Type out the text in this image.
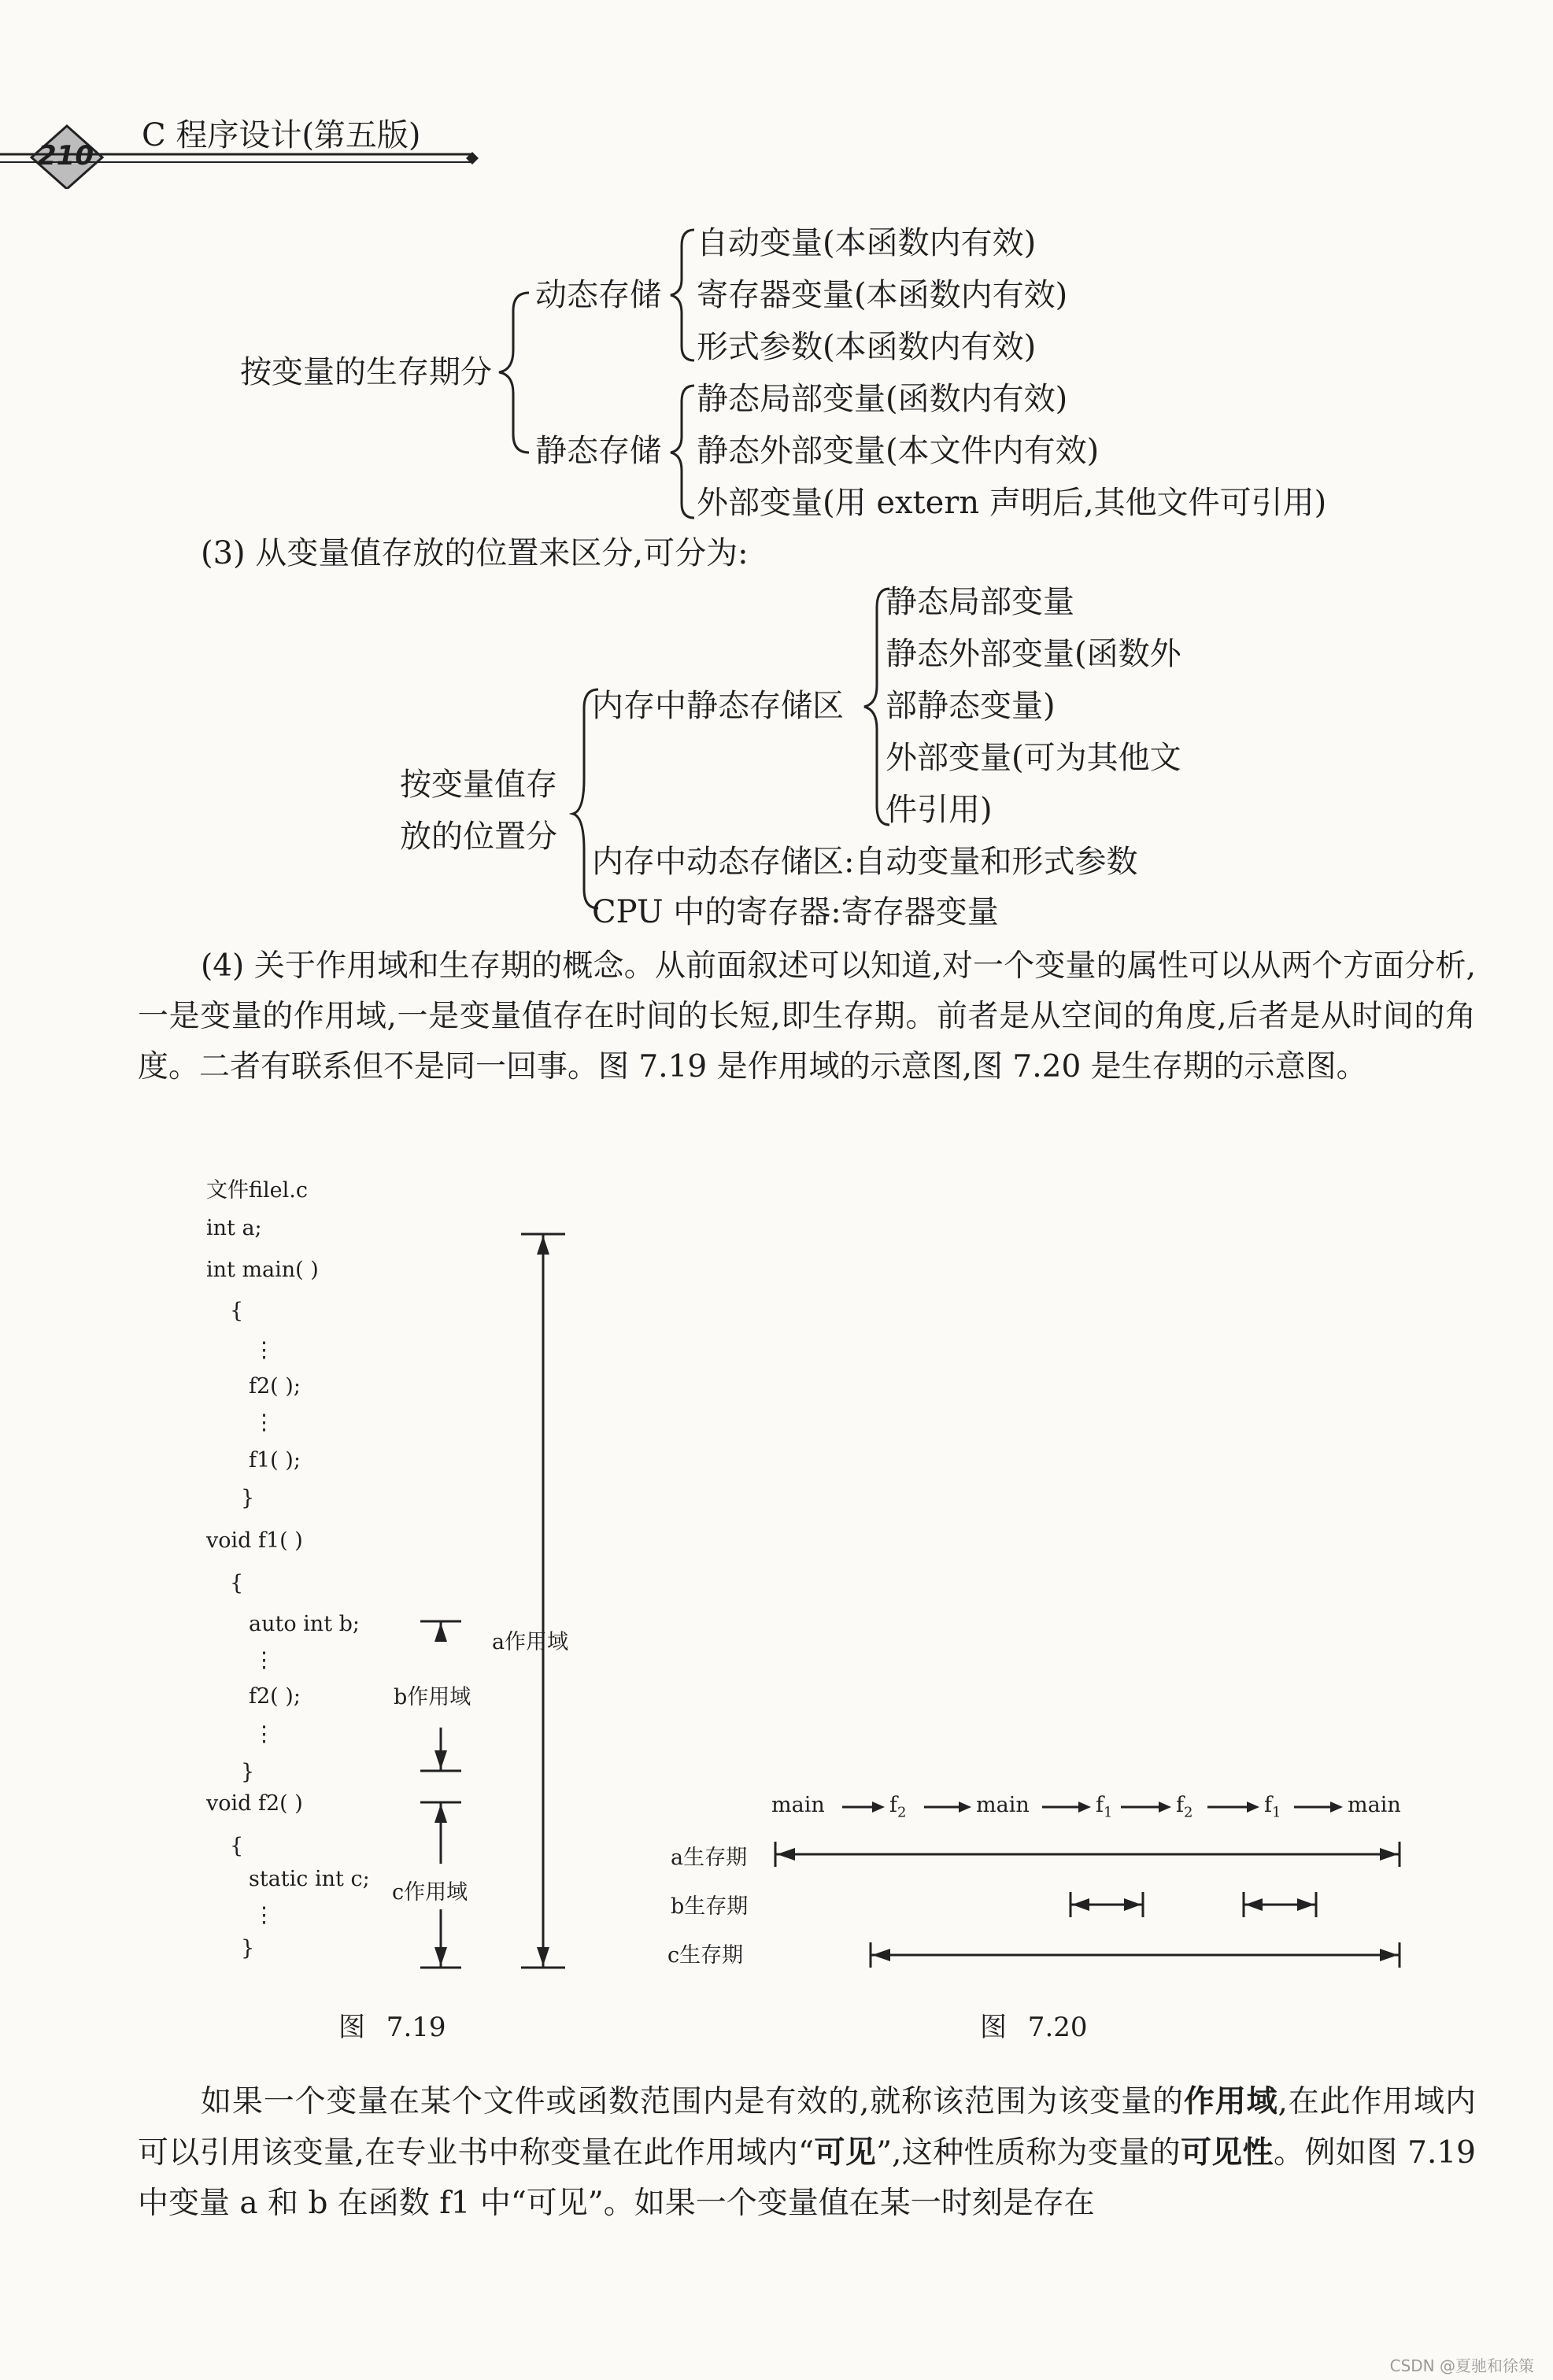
210
C 程序设计(第五版)
按变量的生存期分
动态存储
自动变量(本函数内有效)
寄存器变量(本函数内有效)
形式参数(本函数内有效)
静态存储
静态局部变量(函数内有效)
静态外部变量(本文件内有效)
外部变量(用 extern 声明后,其他文件可引用)
(3) 从变量值存放的位置来区分,可分为:
按变量值存
放的位置分
内存中静态存储区
静态局部变量
静态外部变量(函数外
部静态变量)
外部变量(可为其他文
件引用)
内存中动态存储区:自动变量和形式参数
CPU 中的寄存器:寄存器变量
(4) 关于作用域和生存期的概念。从前面叙述可以知道,对一个变量的属性可以从两个方面分析,一是变量的作用域,一是变量值存在时间的长短,即生存期。前者是从空间的角度,后者是从时间的角度。二者有联系但不是同一回事。图 7.19 是作用域的示意图,图 7.20 是生存期的示意图。
文件filel.c
int a;
int main( )
{
⋮
f2( );
⋮
f1( );
}
void f1( )
{
auto int b;
⋮
f2( );
⋮
}
void f2( )
{
static int c;
⋮
}
a作用域
b作用域
c作用域
图 7.19
main	$f_2$	main	$f_1$	$f_2$	$f_1$	main
a生存期
b生存期
c生存期
图 7.20
如果一个变量在某个文件或函数范围内是有效的,就称该范围为该变量的作用域,在此作用域内可以引用该变量,在专业书中称变量在此作用域内“可见”,这种性质称为变量的可见性。例如图 7.19 中变量 a 和 b 在函数 f1 中“可见”。如果一个变量值在某一时刻是存在
CSDN @夏驰和徐策
